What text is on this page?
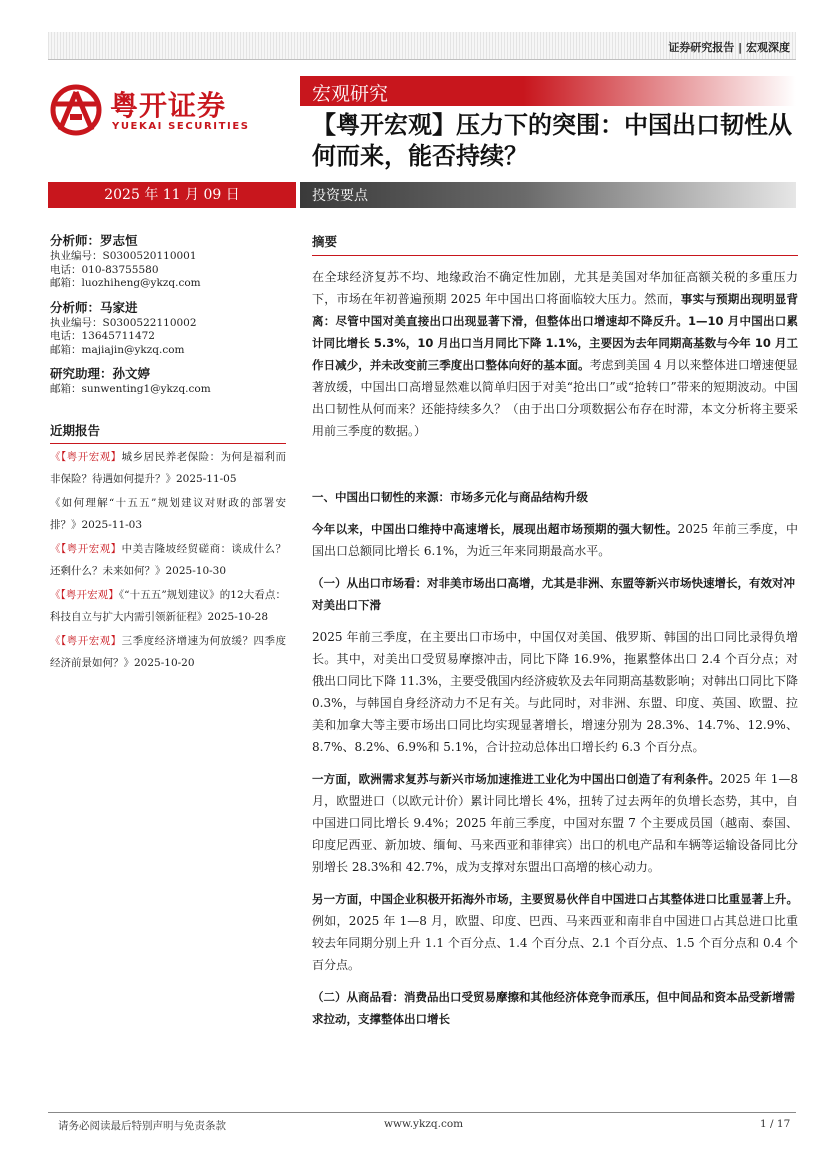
证券研究报告 | 宏观深度
粤开证券
YUEKAI SECURITIES
宏观研究
【粤开宏观】压力下的突围：中国出口韧性从何而来，能否持续？
2025 年 11 月 09 日	投资要点
分析师：罗志恒
执业编号：S0300520110001
电话：010-83755580
邮箱：luozhiheng@ykzq.com
分析师：马家进
执业编号：S0300522110002
电话：13645711472
邮箱：majiajin@ykzq.com
研究助理：孙文婷
邮箱：sunwenting1@ykzq.com
近期报告
《【粤开宏观】城乡居民养老保险：为何是福利而非保险？待遇如何提升？》2025-11-05
《如何理解“十五五”规划建议对财政的部署安排？》2025-11-03
《【粤开宏观】中美吉隆坡经贸磋商：谈成什么？还剩什么？未来如何？》2025-10-30
《【粤开宏观】《“十五五”规划建议》的12大看点：科技自立与扩大内需引领新征程》2025-10-28
《【粤开宏观】三季度经济增速为何放缓？四季度经济前景如何？》2025-10-20
摘要

在全球经济复苏不均、地缘政治不确定性加剧，尤其是美国对华加征高额关税的多重压力下，市场在年初普遍预期 2025 年中国出口将面临较大压力。然而，事实与预期出现明显背离：尽管中国对美直接出口出现显著下滑，但整体出口增速却不降反升。1—10 月中国出口累计同比增长 5.3%，10 月出口当月同比下降 1.1%，主要因为去年同期高基数与今年 10 月工作日减少，并未改变前三季度出口整体向好的基本面。考虑到美国 4 月以来整体进口增速便显著放缓，中国出口高增显然难以简单归因于对美“抢出口”或“抢转口”带来的短期波动。中国出口韧性从何而来？还能持续多久？（由于出口分项数据公布存在时滞，本文分析将主要采用前三季度的数据。）

一、中国出口韧性的来源：市场多元化与商品结构升级

今年以来，中国出口维持中高速增长，展现出超市场预期的强大韧性。2025 年前三季度，中国出口总额同比增长 6.1%，为近三年来同期最高水平。

（一）从出口市场看：对非美市场出口高增，尤其是非洲、东盟等新兴市场快速增长，有效对冲对美出口下滑

2025 年前三季度，在主要出口市场中，中国仅对美国、俄罗斯、韩国的出口同比录得负增长。其中，对美出口受贸易摩擦冲击，同比下降 16.9%，拖累整体出口 2.4 个百分点；对俄出口同比下降 11.3%，主要受俄国内经济疲软及去年同期高基数影响；对韩出口同比下降 0.3%，与韩国自身经济动力不足有关。与此同时，对非洲、东盟、印度、英国、欧盟、拉美和加拿大等主要市场出口同比均实现显著增长，增速分别为 28.3%、14.7%、12.9%、8.7%、8.2%、6.9%和 5.1%，合计拉动总体出口增长约 6.3 个百分点。

一方面，欧洲需求复苏与新兴市场加速推进工业化为中国出口创造了有利条件。2025 年 1—8 月，欧盟进口（以欧元计价）累计同比增长 4%，扭转了过去两年的负增长态势，其中，自中国进口同比增长 9.4%；2025 年前三季度，中国对东盟 7 个主要成员国（越南、泰国、印度尼西亚、新加坡、缅甸、马来西亚和菲律宾）出口的机电产品和车辆等运输设备同比分别增长 28.3%和 42.7%，成为支撑对东盟出口高增的核心动力。

另一方面，中国企业积极开拓海外市场，主要贸易伙伴自中国进口占其整体进口比重显著上升。例如，2025 年 1—8 月，欧盟、印度、巴西、马来西亚和南非自中国进口占其总进口比重较去年同期分别上升 1.1 个百分点、1.4 个百分点、2.1 个百分点、1.5 个百分点和 0.4 个百分点。

（二）从商品看：消费品出口受贸易摩擦和其他经济体竞争而承压，但中间品和资本品受新增需求拉动，支撑整体出口增长
请务必阅读最后特别声明与免责条款	www.ykzq.com	1 / 17
